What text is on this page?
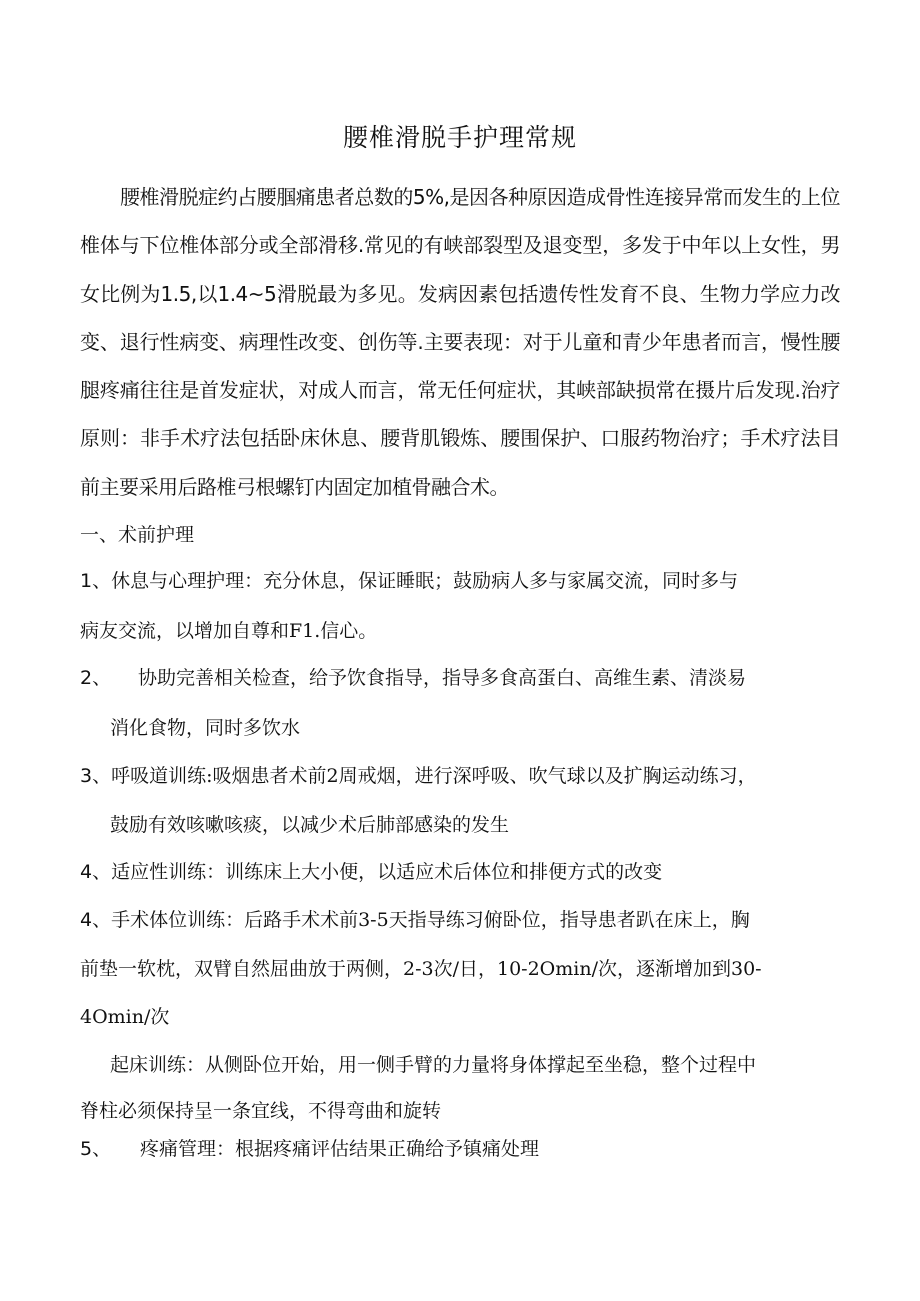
腰椎滑脱手护理常规
腰椎滑脱症约占腰腘痛患者总数的5%,是因各种原因造成骨性连接异常而发生的上位椎体与下位椎体部分或全部滑移.常见的有峡部裂型及退变型，多发于中年以上女性，男女比例为1.5,以1.4~5滑脱最为多见。发病因素包括遗传性发育不良、生物力学应力改变、退行性病变、病理性改变、创伤等.主要表现：对于儿童和青少年患者而言，慢性腰腿疼痛往往是首发症状，对成人而言，常无任何症状，其峡部缺损常在摄片后发现.治疗原则：非手术疗法包括卧床休息、腰背肌锻炼、腰围保护、口服药物治疗；手术疗法目前主要采用后路椎弓根螺钉内固定加植骨融合术。
一、术前护理
1、休息与心理护理：充分休息，保证睡眠；鼓励病人多与家属交流，同时多与
病友交流，以增加自尊和F1.信心。
2、 协助完善相关检查，给予饮食指导，指导多食高蛋白、高维生素、清淡易
消化食物，同时多饮水
3、呼吸道训练:吸烟患者术前2周戒烟，进行深呼吸、吹气球以及扩胸运动练习，
鼓励有效咳嗽咳痰，以减少术后肺部感染的发生
4、适应性训练：训练床上大小便，以适应术后体位和排便方式的改变
4、手术体位训练：后路手术术前3-5天指导练习俯卧位，指导患者趴在床上，胸
前垫一软枕，双臂自然屈曲放于两侧，2-3次/日，10-2Omin/次，逐渐增加到30-
4Omin/次
起床训练：从侧卧位开始，用一侧手臂的力量将身体撑起至坐稳，整个过程中
脊柱必须保持呈一条宜线，不得弯曲和旋转
5、 疼痛管理：根据疼痛评估结果正确给予镇痛处理
